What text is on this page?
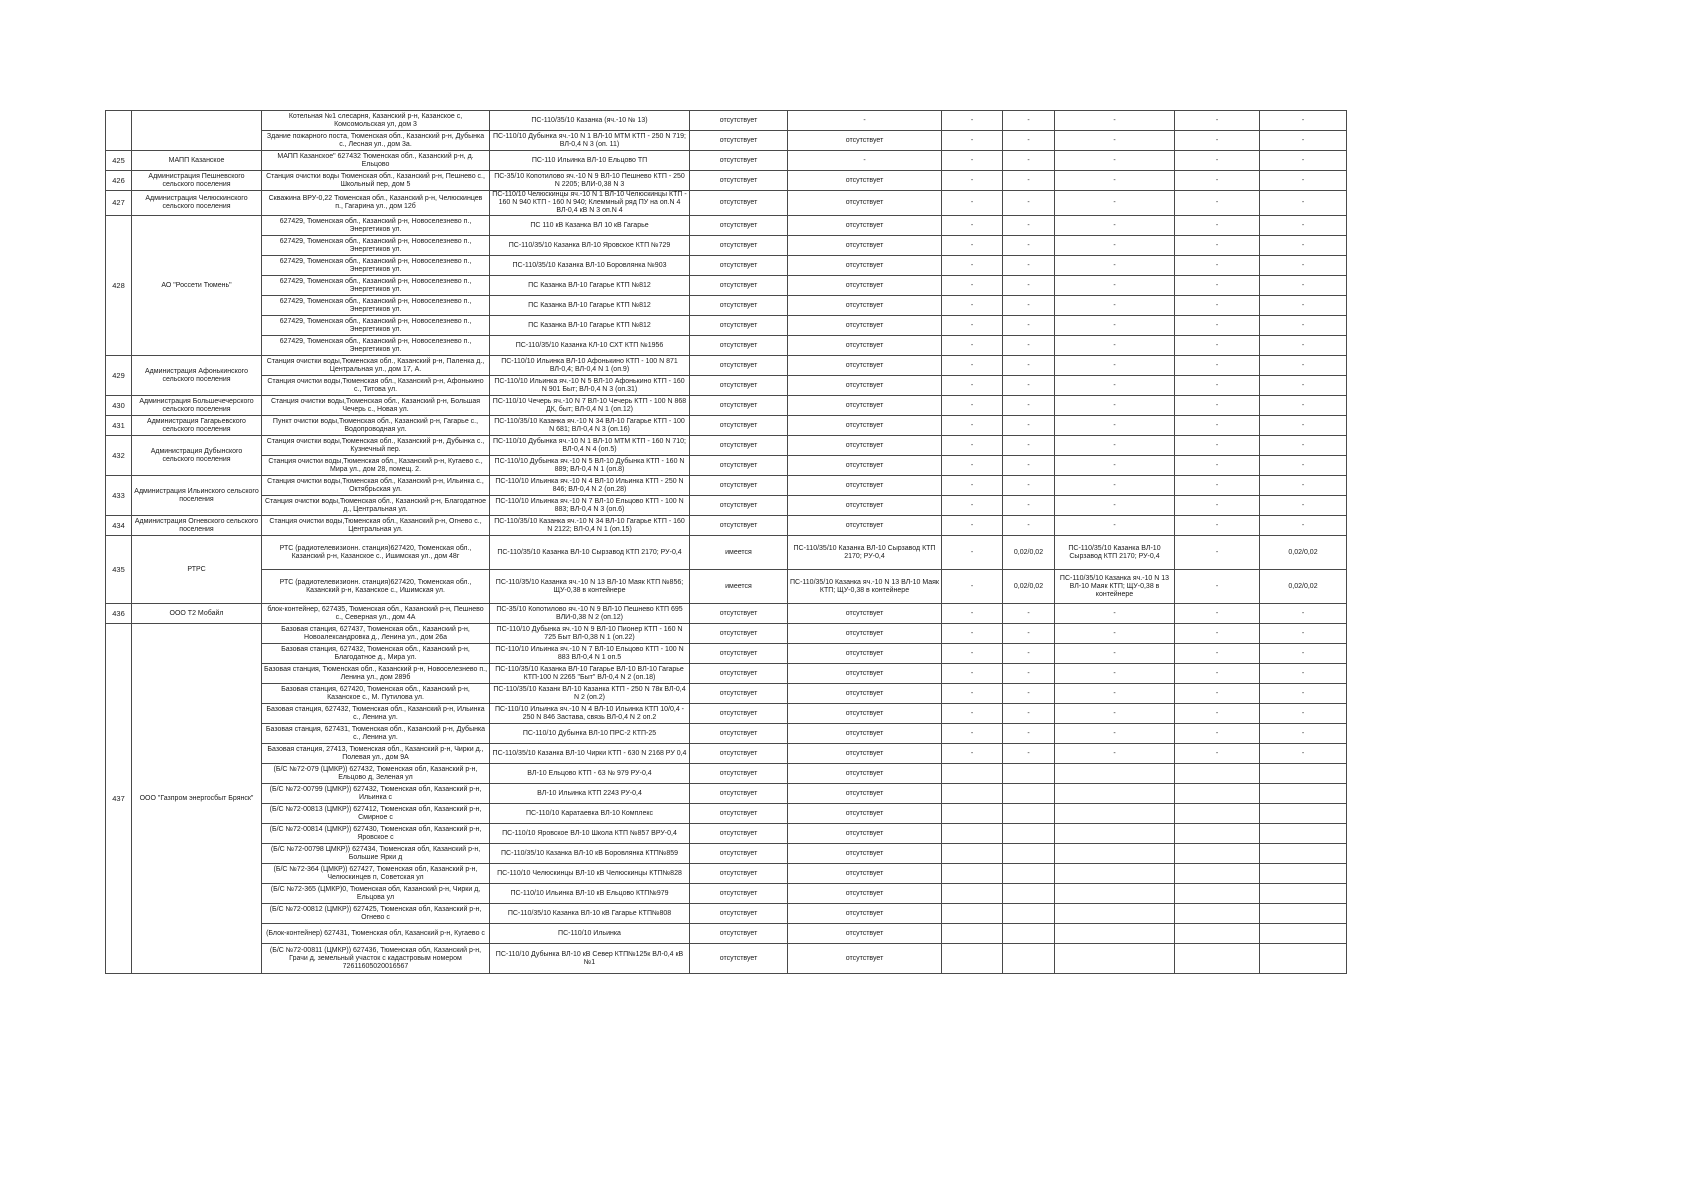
		Котельная №1 слесарня, Казанский р-н, Казанское с, Комсомольская ул, дом 3	ПС-110/35/10 Казанка (яч.-10 № 13)	отсутствует	-	-	-	-	-	-
		Здание пожарного поста, Тюменская обл., Казанский р-н, Дубынка с., Лесная ул., дом 3а.	ПС-110/10 Дубынка яч.-10 N 1 ВЛ-10 МТМ КТП - 250 N 719; ВЛ-0,4 N 3 (оп. 11)	отсутствует	отсутствует	-	-	-	-	-
425	МАПП Казанское	МАПП Казанское" 627432 Тюменская обл., Казанский р-н, д. Ельцово	ПС-110 Ильинка ВЛ-10 Ельцово ТП	отсутствует	-	-	-	-	-	-
426	Администрация Пешневского сельского поселения	Станция очистки воды Тюменская обл., Казанский р-н, Пешнево с., Школьный пер, дом 5	ПС-35/10 Копотилово яч.-10 N 9 ВЛ-10 Пешнево КТП - 250 N 2205; ВЛИ-0,38 N 3	отсутствует	отсутствует	-	-	-	-	-
427	Администрация Челюскинского сельского поселения	Скважина ВРУ-0,22 Тюменская обл., Казанский р-н, Челюскинцев п., Гагарина ул., дом 12б	ПС-110/10 Челюскинцы яч.-10 N 1 ВЛ-10 Челюскинцы КТП - 160 N 940 КТП - 160 N 940; Клеммный ряд ПУ на оп.N 4 ВЛ-0,4 кВ N 3 оп.N 4	отсутствует	отсутствует	-	-	-	-	-
428	АО "Россети Тюмень"	627429, Тюменская обл., Казанский р-н, Новоселезнево п., Энергетиков ул.	ПС 110 кВ Казанка ВЛ 10 кВ Гагарье	отсутствует	отсутствует	-	-	-	-	-
		627429, Тюменская обл., Казанский р-н, Новоселезнево п., Энергетиков ул.	ПС-110/35/10 Казанка ВЛ-10 Яровское КТП №729	отсутствует	отсутствует	-	-	-	-	-
		627429, Тюменская обл., Казанский р-н, Новоселезнево п., Энергетиков ул.	ПС-110/35/10 Казанка ВЛ-10 Боровлянка №903	отсутствует	отсутствует	-	-	-	-	-
		627429, Тюменская обл., Казанский р-н, Новоселезнево п., Энергетиков ул.	ПС Казанка ВЛ-10 Гагарье КТП №812	отсутствует	отсутствует	-	-	-	-	-
		627429, Тюменская обл., Казанский р-н, Новоселезнево п., Энергетиков ул.	ПС Казанка ВЛ-10 Гагарье КТП №812	отсутствует	отсутствует	-	-	-	-	-
		627429, Тюменская обл., Казанский р-н, Новоселезнево п., Энергетиков ул.	ПС Казанка ВЛ-10 Гагарье КТП №812	отсутствует	отсутствует	-	-	-	-	-
		627429, Тюменская обл., Казанский р-н, Новоселезнево п., Энергетиков ул.	ПС-110/35/10 Казанка КЛ-10 СХТ КТП №1956	отсутствует	отсутствует	-	-	-	-	-
429	Администрация Афонькинского сельского поселения	Станция очистки воды,Тюменская обл., Казанский р-н, Паленка д., Центральная ул., дом 17, А.	ПС-110/10 Ильинка ВЛ-10 Афонькино КТП - 100 N 871 ВЛ-0,4; ВЛ-0,4 N 1 (оп.9)	отсутствует	отсутствует	-	-	-	-	-
		Станция очистки воды,Тюменская обл., Казанский р-н, Афонькино с., Титова ул.	ПС-110/10 Ильинка яч.-10 N 5 ВЛ-10 Афонькино КТП - 160 N 901 Быт; ВЛ-0,4 N 3 (оп.31)	отсутствует	отсутствует	-	-	-	-	-
430	Администрация Большечечерского сельского поселения	Станция очистки воды,Тюменская обл., Казанский р-н, Большая Чечерь с., Новая ул.	ПС-110/10 Чечерь яч.-10 N 7 ВЛ-10 Чечерь КТП - 100 N 868 ДК, быт; ВЛ-0,4 N 1 (оп.12)	отсутствует	отсутствует	-	-	-	-	-
431	Администрация Гагарьевского сельского поселения	Пункт очистки воды,Тюменская обл., Казанский р-н, Гагарье с., Водопроводная ул.	ПС-110/35/10 Казанка яч.-10 N 34 ВЛ-10 Гагарье КТП - 100 N 681; ВЛ-0,4 N 3 (оп.16)	отсутствует	отсутствует	-	-	-	-	-
432	Администрация Дубынского сельского поселения	Станция очистки воды,Тюменская обл., Казанский р-н, Дубынка с., Кузнечный пер.	ПС-110/10 Дубынка яч.-10 N 1 ВЛ-10 МТМ КТП - 160 N 710; ВЛ-0,4 N 4 (оп.5)	отсутствует	отсутствует	-	-	-	-	-
		Станция очистки воды,Тюменская обл., Казанский р-н, Кугаево с., Мира ул., дом 28, помещ. 2.	ПС-110/10 Дубынка яч.-10 N 5 ВЛ-10 Дубынка КТП - 160 N 889; ВЛ-0,4 N 1 (оп.8)	отсутствует	отсутствует	-	-	-	-	-
433	Администрация Ильинского сельского поселения	Станция очистки воды,Тюменская обл., Казанский р-н, Ильинка с., Октябрьская ул.	ПС-110/10 Ильинка яч.-10 N 4 ВЛ-10 Ильинка КТП - 250 N 846; ВЛ-0,4 N 2 (оп.28)	отсутствует	отсутствует	-	-	-	-	-
		Станция очистки воды,Тюменская обл., Казанский р-н, Благодатное д., Центральная ул.	ПС-110/10 Ильинка яч.-10 N 7 ВЛ-10 Ельцово КТП - 100 N 883; ВЛ-0,4 N 3 (оп.6)	отсутствует	отсутствует	-	-	-	-	-
434	Администрация Огневского сельского поселения	Станция очистки воды,Тюменская обл., Казанский р-н, Огнево с., Центральная ул.	ПС-110/35/10 Казанка яч.-10 N 34 ВЛ-10 Гагарье КТП - 160 N 2122; ВЛ-0,4 N 1 (оп.15)	отсутствует	отсутствует	-	-	-	-	-
435	РТРС	РТС (радиотелевизионн. станция)627420, Тюменская обл., Казанский р-н, Казанское с., Ишимская ул., дом 48г	ПС-110/35/10 Казанка ВЛ-10 Сырзавод КТП 2170; РУ-0,4	имеется	ПС-110/35/10 Казанка ВЛ-10 Сырзавод КТП 2170; РУ-0,4	-	0,02/0,02	ПС-110/35/10 Казанка ВЛ-10 Сырзавод КТП 2170; РУ-0,4	-	0,02/0,02
		РТС (радиотелевизионн. станция)627420, Тюменская обл., Казанский р-н, Казанское с., Ишимская ул.	ПС-110/35/10 Казанка яч.-10 N 13 ВЛ-10 Маяк КТП №856; ЩУ-0,38 в контейнере	имеется	ПС-110/35/10 Казанка яч.-10 N 13 ВЛ-10 Маяк КТП; ЩУ-0,38 в контейнере	-	0,02/0,02	ПС-110/35/10 Казанка яч.-10 N 13 ВЛ-10 Маяк КТП; ЩУ-0,38 в контейнере	-	0,02/0,02
436	ООО Т2 Мобайл	блок-контейнер, 627435, Тюменская обл., Казанский р-н, Пешнево с., Северная ул., дом 4А	ПС-35/10 Копотилово яч.-10 N 9 ВЛ-10 Пешнево КТП 695 ВЛИ-0,38 N 2 (оп.12)	отсутствует	отсутствует	-	-	-	-	-
437	ООО "Газпром энергосбыт Брянск"	Базовая станция, 627437, Тюменская обл., Казанский р-н, Новоалександровка д., Ленина ул., дом 26а	ПС-110/10 Дубынка яч.-10 N 9 ВЛ-10 Пионер КТП - 160 N 725 Быт ВЛ-0,38 N 1 (оп.22)	отсутствует	отсутствует	-	-	-	-	-
		Базовая станция, 627432, Тюменская обл., Казанский р-н, Благодатное д., Мира ул.	ПС-110/10 Ильинка яч.-10 N 7 ВЛ-10 Ельцово КТП - 100 N 883 ВЛ-0,4 N 1 оп.5	отсутствует	отсутствует	-	-	-	-	-
		Базовая станция, Тюменская обл., Казанский р-н, Новоселезнево п., Ленина ул., дом 289б	ПС-110/35/10 Казанка ВЛ-10 Гагарье ВЛ-10 ВЛ-10 Гагарье КТП-100 N 2265 "Быт" ВЛ-0,4 N 2 (оп.18)	отсутствует	отсутствует	-	-	-	-	-
		Базовая станция, 627420, Тюменская обл., Казанский р-н, Казанское с., М. Путилова ул.	ПС-110/35/10 Казанк ВЛ-10 Казанка КТП - 250 N 78к ВЛ-0,4 N 2 (оп.2)	отсутствует	отсутствует	-	-	-	-	-
		Базовая станция, 627432, Тюменская обл., Казанский р-н, Ильинка с., Ленина ул.	ПС-110/10 Ильинка яч.-10 N 4 ВЛ-10 Ильинка КТП 10/0,4 - 250 N 846 Застава, связь ВЛ-0,4 N 2 оп.2	отсутствует	отсутствует	-	-	-	-	-
		Базовая станция, 627431, Тюменская обл., Казанский р-н, Дубынка с., Ленина ул.	ПС-110/10 Дубынка ВЛ-10 ПРС-2 КТП-25	отсутствует	отсутствует	-	-	-	-	-
		Базовая станция, 27413, Тюменская обл., Казанский р-н, Чирки д., Полевая ул., дом 9А	ПС-110/35/10 Казанка ВЛ-10 Чирки КТП - 630 N 2168 РУ 0,4	отсутствует	отсутствует	-	-	-	-	-
		(Б/С №72-079 (ЦМКР)) 627432, Тюменская обл, Казанский р-н, Ельцово д, Зеленая ул	ВЛ-10 Ельцово КТП - 63 № 979 РУ-0,4	отсутствует	отсутствует					
		(Б/С №72-00799 (ЦМКР)) 627432, Тюменская обл, Казанский р-н, Ильинка с	ВЛ-10 Ильинка КТП 2243 РУ-0,4	отсутствует	отсутствует					
		(Б/С №72-00813 (ЦМКР)) 627412, Тюменская обл, Казанский р-н, Смирное с	ПС-110/10 Каратаевка ВЛ-10 Комплекс	отсутствует	отсутствует					
		(Б/С №72-00814 (ЦМКР)) 627430, Тюменская обл, Казанский р-н, Яровское с	ПС-110/10 Яровское ВЛ-10 Школа КТП №857 ВРУ-0,4	отсутствует	отсутствует					
		(Б/С №72-00798 ЦМКР)) 627434, Тюменская обл, Казанский р-н, Большие Ярки д	ПС-110/35/10 Казанка ВЛ-10 кВ Боровлянка КТП№859	отсутствует	отсутствует					
		(Б/С №72-364 (ЦМКР)) 627427, Тюменская обл, Казанский р-н, Челюскинцев п, Советская ул	ПС-110/10 Челюскинцы ВЛ-10 кВ Челюскинцы КТП№828	отсутствует	отсутствует					
		(Б/С №72-365 (ЦМКР)0, Тюменская обл, Казанский р-н, Чирки д, Ельцова ул	ПС-110/10 Ильинка ВЛ-10 кВ Ельцово КТП№979	отсутствует	отсутствует					
		(Б/С №72-00812 (ЦМКР)) 627425, Тюменская обл, Казанский р-н, Огнево с	ПС-110/35/10 Казанка ВЛ-10 кВ Гагарье КТП№808	отсутствует	отсутствует					
		(Блок-контейнер) 627431, Тюменская обл, Казанский р-н, Кугаево с	ПС-110/10 Ильинка	отсутствует	отсутствует					
		(Б/С №72-00811 (ЦМКР)) 627436, Тюменская обл, Казанский р-н, Грачи д, земельный участок с кадастровым номером 72611605020016567	ПС-110/10 Дубынка ВЛ-10 кВ Север КТП№125к ВЛ-0,4 кВ №1	отсутствует	отсутствует					
